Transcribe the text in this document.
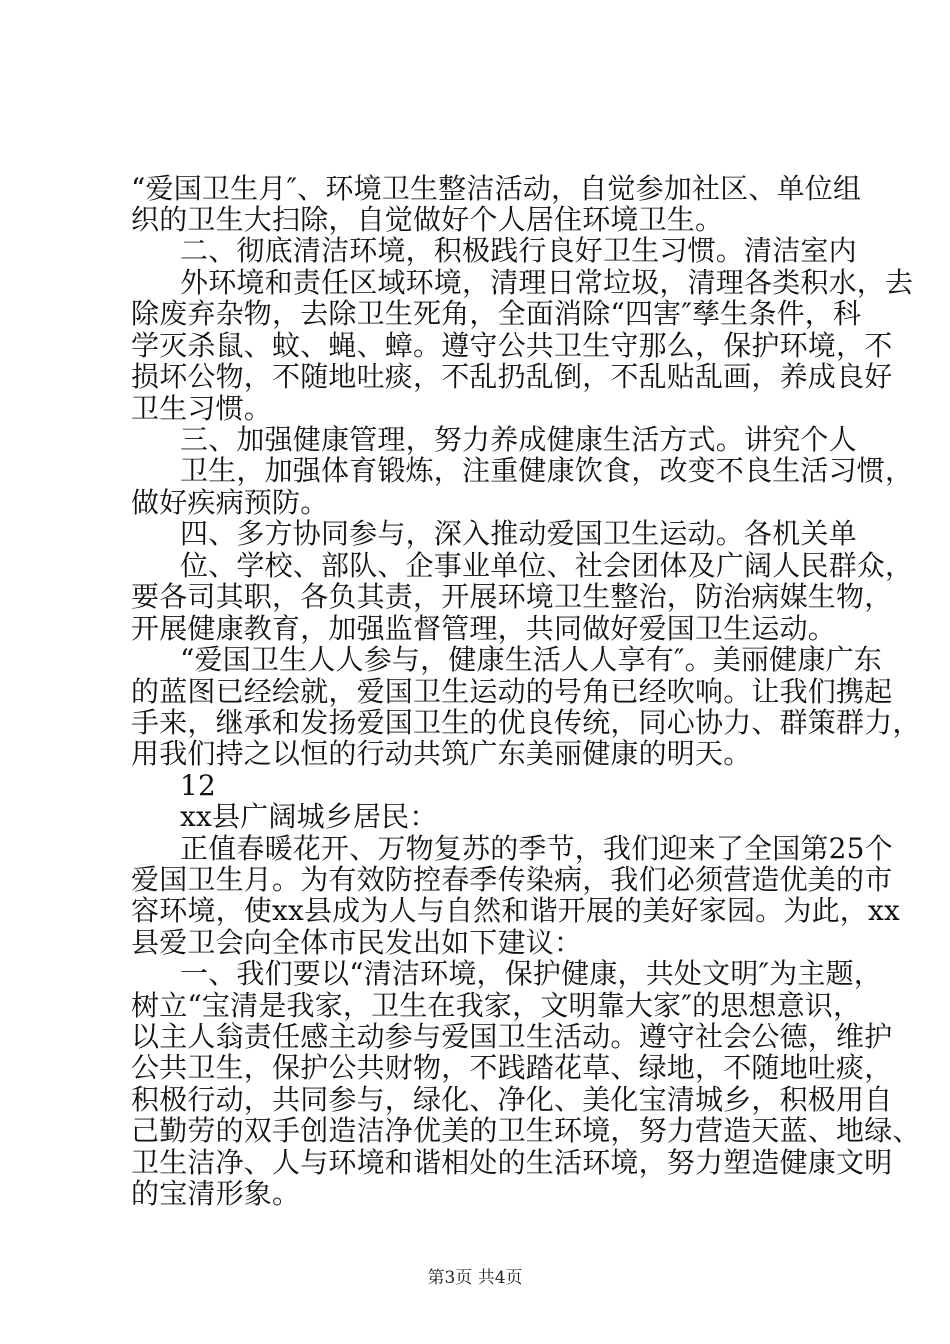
“爱国卫生月″、环境卫生整洁活动，自觉参加社区、单位组
织的卫生大扫除，自觉做好个人居住环境卫生。
二、彻底清洁环境，积极践行良好卫生习惯。清洁室内
外环境和责任区域环境，清理日常垃圾，清理各类积水，去
除废弃杂物，去除卫生死角，全面消除“四害″孳生条件，科
学灭杀鼠、蚊、蝇、蟑。遵守公共卫生守那么，保护环境，不
损坏公物，不随地吐痰，不乱扔乱倒，不乱贴乱画，养成良好
卫生习惯。
三、加强健康管理，努力养成健康生活方式。讲究个人
卫生，加强体育锻炼，注重健康饮食，改变不良生活习惯，
做好疾病预防。
四、多方协同参与，深入推动爱国卫生运动。各机关单
位、学校、部队、企事业单位、社会团体及广阔人民群众，
要各司其职，各负其责，开展环境卫生整治，防治病媒生物，
开展健康教育，加强监督管理，共同做好爱国卫生运动。
“爱国卫生人人参与，健康生活人人享有″。美丽健康广东
的蓝图已经绘就，爱国卫生运动的号角已经吹响。让我们携起
手来，继承和发扬爱国卫生的优良传统，同心协力、群策群力，
用我们持之以恒的行动共筑广东美丽健康的明天。
12
xx县广阔城乡居民：
正值春暖花开、万物复苏的季节，我们迎来了全国第25个
爱国卫生月。为有效防控春季传染病，我们必须营造优美的市
容环境，使xx县成为人与自然和谐开展的美好家园。为此，xx
县爱卫会向全体市民发出如下建议：
一、我们要以“清洁环境，保护健康，共处文明″为主题，
树立“宝清是我家，卫生在我家，文明靠大家″的思想意识，
以主人翁责任感主动参与爱国卫生活动。遵守社会公德，维护
公共卫生，保护公共财物，不践踏花草、绿地，不随地吐痰，
积极行动，共同参与，绿化、净化、美化宝清城乡，积极用自
己勤劳的双手创造洁净优美的卫生环境，努力营造天蓝、地绿、
卫生洁净、人与环境和谐相处的生活环境，努力塑造健康文明
的宝清形象。
第3页 共4页
